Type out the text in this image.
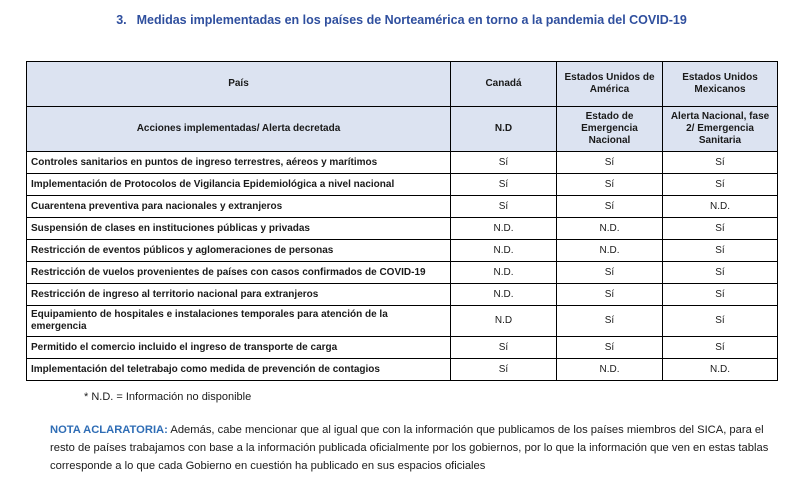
3. Medidas implementadas en los países de Norteamérica en torno a la pandemia del COVID-19
País	Canadá	Estados Unidos de América	Estados Unidos Mexicanos
Acciones implementadas/ Alerta decretada	N.D	Estado de Emergencia Nacional	Alerta Nacional, fase 2/ Emergencia Sanitaria
Controles sanitarios en puntos de ingreso terrestres, aéreos y marítimos	Sí	Sí	Sí
Implementación de Protocolos de Vigilancia Epidemiológica a nivel nacional	Sí	Sí	Sí
Cuarentena preventiva para nacionales y extranjeros	Sí	Sí	N.D.
Suspensión de clases en instituciones públicas y privadas	N.D.	N.D.	Sí
Restricción de eventos públicos y aglomeraciones de personas	N.D.	N.D.	Sí
Restricción de vuelos provenientes de países con casos confirmados de COVID-19	N.D.	Sí	Sí
Restricción de ingreso al territorio nacional para extranjeros	N.D.	Sí	Sí
Equipamiento de hospitales e instalaciones temporales para atención de la emergencia	N.D	Sí	Sí
Permitido el comercio incluido el ingreso de transporte de carga	Sí	Sí	Sí
Implementación del teletrabajo como medida de prevención de contagios	Sí	N.D.	N.D.
* N.D. = Información no disponible
NOTA ACLARATORIA: Además, cabe mencionar que al igual que con la información que publicamos de los países miembros del SICA, para el resto de países trabajamos con base a la información publicada oficialmente por los gobiernos, por lo que la información que ven en estas tablas corresponde a lo que cada Gobierno en cuestión ha publicado en sus espacios oficiales
